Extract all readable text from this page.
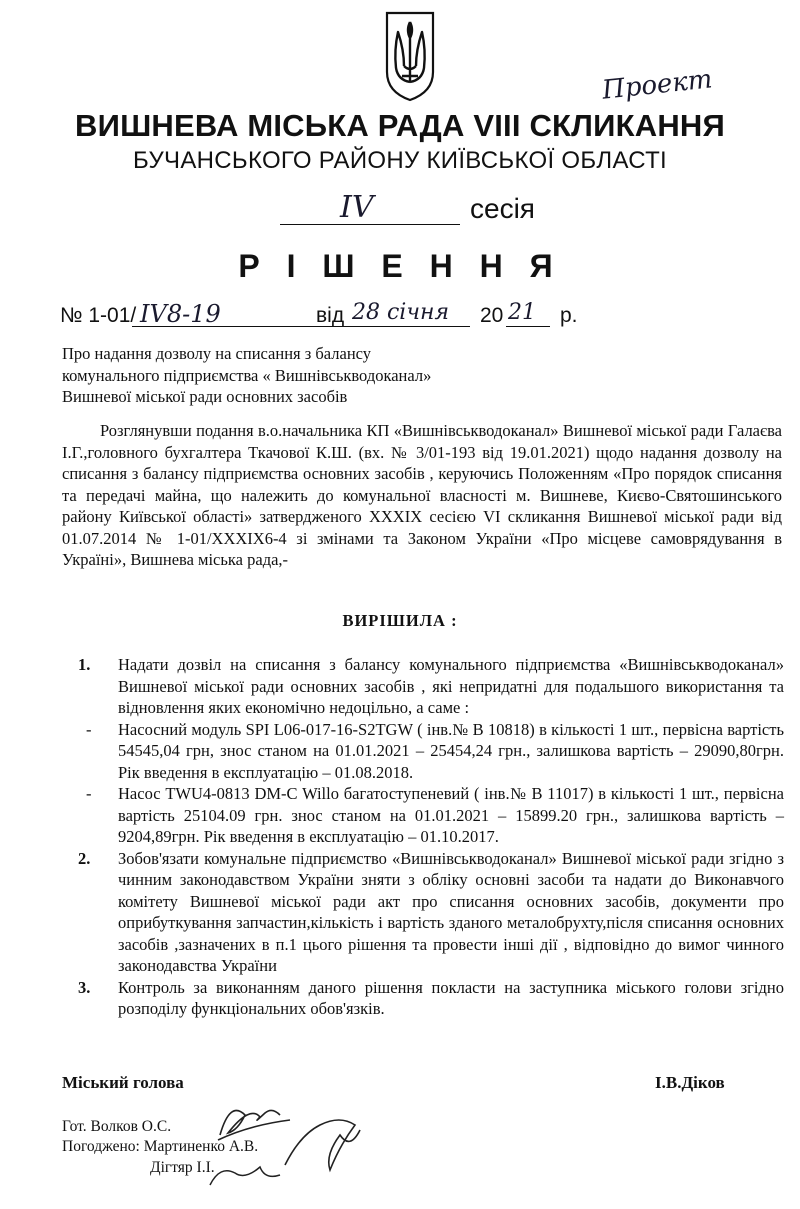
Проект
ВИШНЕВА МІСЬКА РАДА VIII СКЛИКАННЯ
БУЧАНСЬКОГО РАЙОНУ КИЇВСЬКОЇ ОБЛАСТІ
IV	сесія
Р І Ш Е Н Н Я
№ 1-01/ IV8-19	від 28 січня 20 21 р.
Про надання дозволу на списання з балансу
комунального підприємства « Вишнівськводоканал»
Вишневої міської ради основних засобів
Розглянувши подання в.о.начальника КП «Вишнівськводоканал» Вишневої міської ради Галаєва І.Г.,головного бухгалтера Ткачової К.Ш. (вх. № 3/01-193 від 19.01.2021) щодо надання дозволу на списання з балансу підприємства основних засобів , керуючись Положенням «Про порядок списання та передачі майна, що належить до комунальної власності м. Вишневе, Києво-Святошинського району Київської області» затвердженого XXXIX сесією VI скликання Вишневої міської ради від 01.07.2014 № 1-01/XXXIX6-4 зі змінами та Законом України «Про місцеве самоврядування в Україні», Вишнева міська рада,-
ВИРІШИЛА :
1. Надати дозвіл на списання з балансу комунального підприємства «Вишнівськводоканал» Вишневої міської ради основних засобів , які непридатні для подальшого використання та відновлення яких економічно недоцільно, а саме :
- Насосний модуль SPI L06-017-16-S2TGW ( інв.№ В 10818) в кількості 1 шт., первісна вартість 54545,04 грн, знос станом на 01.01.2021 – 25454,24 грн., залишкова вартість – 29090,80грн. Рік введення в експлуатацію – 01.08.2018.
- Насос TWU4-0813 DM-C Willo багатоступеневий ( інв.№ В 11017) в кількості 1 шт., первісна вартість 25104.09 грн. знос станом на 01.01.2021 – 15899.20 грн., залишкова вартість – 9204,89грн. Рік введення в експлуатацію – 01.10.2017.
2. Зобов'язати комунальне підприємство «Вишнівськводоканал» Вишневої міської ради згідно з чинним законодавством України зняти з обліку основні засоби та надати до Виконавчого комітету Вишневої міської ради акт про списання основних засобів, документи про оприбуткування запчастин,кількість і вартість зданого металобрухту,після списання основних засобів ,зазначених в п.1 цього рішення та провести інші дії , відповідно до вимог чинного законодавства України
3. Контроль за виконанням даного рішення покласти на заступника міського голови згідно розподілу функціональних обов'язків.
Міський голова	І.В.Діков
Гот. Волков О.С.
Погоджено: Мартиненко А.В.
Дігтяр І.І.
